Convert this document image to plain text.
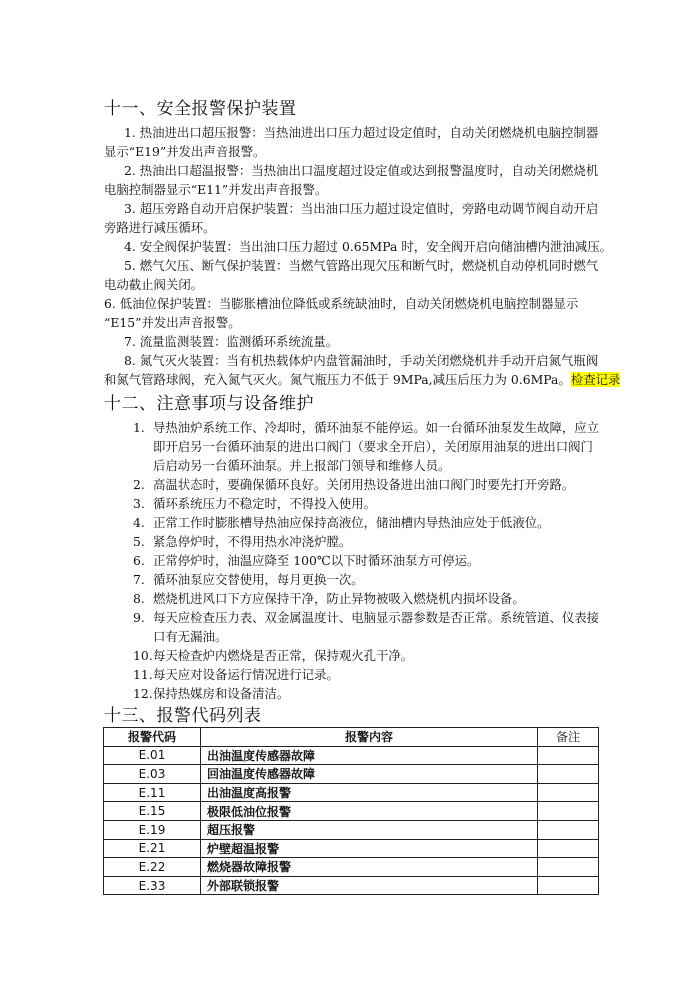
十一、安全报警保护装置
1. 热油进出口超压报警：当热油进出口压力超过设定值时，自动关闭燃烧机电脑控制器
显示“E19”并发出声音报警。
2. 热油出口超温报警：当热油出口温度超过设定值或达到报警温度时，自动关闭燃烧机
电脑控制器显示“E11”并发出声音报警。
3. 超压旁路自动开启保护装置：当出油口压力超过设定值时，旁路电动调节阀自动开启
旁路进行减压循环。
4. 安全阀保护装置：当出油口压力超过 0.65MPa 时，安全阀开启向储油槽内泄油减压。
5. 燃气欠压、断气保护装置：当燃气管路出现欠压和断气时，燃烧机自动停机同时燃气
电动截止阀关闭。
6. 低油位保护装置：当膨胀槽油位降低或系统缺油时，自动关闭燃烧机电脑控制器显示
“E15”并发出声音报警。
7. 流量监测装置：监测循环系统流量。
8. 氮气灭火装置：当有机热载体炉内盘管漏油时，手动关闭燃烧机并手动开启氮气瓶阀
和氮气管路球阀，充入氮气灭火。氮气瓶压力不低于 9MPa,减压后压力为 0.6MPa。检查记录
十二、注意事项与设备维护
1. 导热油炉系统工作、冷却时，循环油泵不能停运。如一台循环油泵发生故障，应立
即开启另一台循环油泵的进出口阀门（要求全开启），关闭原用油泵的进出口阀门
后启动另一台循环油泵。并上报部门领导和维修人员。
2. 高温状态时，要确保循环良好。关闭用热设备进出油口阀门时要先打开旁路。
3. 循环系统压力不稳定时，不得投入使用。
4. 正常工作时膨胀槽导热油应保持高液位，储油槽内导热油应处于低液位。
5. 紧急停炉时，不得用热水冲浇炉膛。
6. 正常停炉时，油温应降至 100℃以下时循环油泵方可停运。
7. 循环油泵应交替使用，每月更换一次。
8. 燃烧机进风口下方应保持干净，防止异物被吸入燃烧机内损坏设备。
9. 每天应检查压力表、双金属温度计、电脑显示器参数是否正常。系统管道、仪表接
口有无漏油。
10. 每天检查炉内燃烧是否正常，保持观火孔干净。
11. 每天应对设备运行情况进行记录。
12. 保持热媒房和设备清洁。
十三、报警代码列表
报警代码	报警内容	备注
E.01	出油温度传感器故障	
E.03	回油温度传感器故障	
E.11	出油温度高报警	
E.15	极限低油位报警	
E.19	超压报警	
E.21	炉壁超温报警	
E.22	燃烧器故障报警	
E.33	外部联锁报警	
